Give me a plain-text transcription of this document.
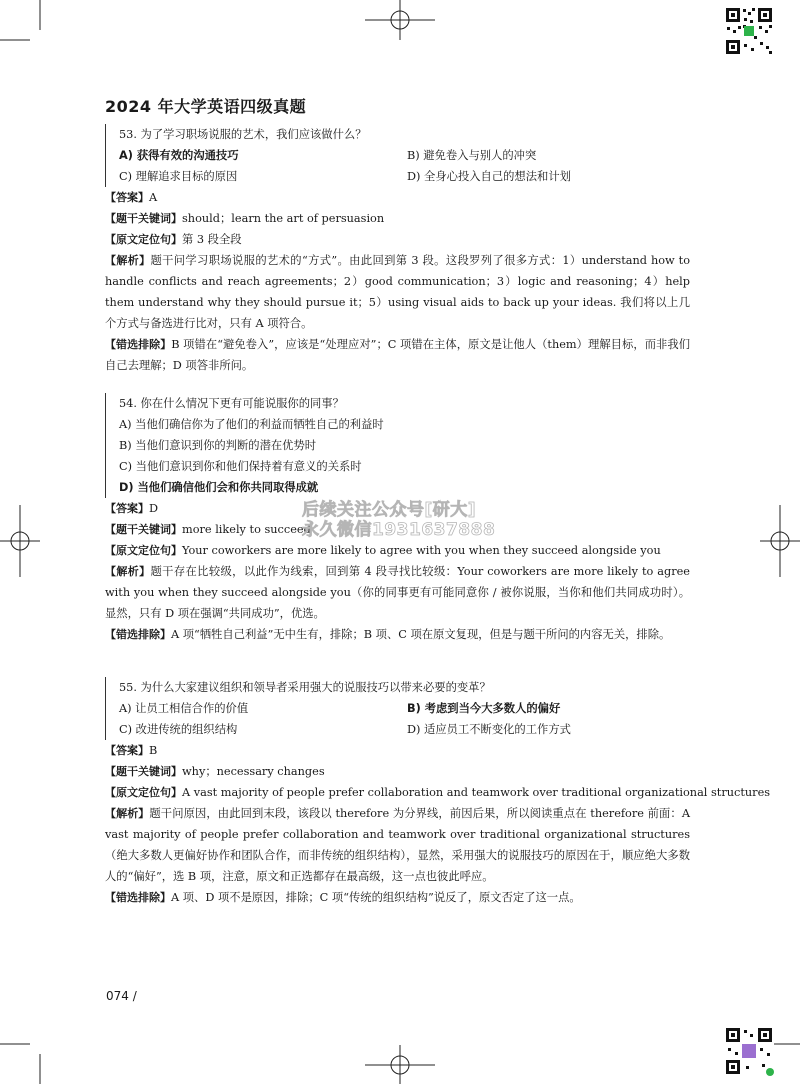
2024 年大学英语四级真题
53. 为了学习职场说服的艺术，我们应该做什么？
A) 获得有效的沟通技巧	B) 避免卷入与别人的冲突
C) 理解追求目标的原因	D) 全身心投入自己的想法和计划
【答案】A
【题干关键词】should；learn the art of persuasion
【原文定位句】第 3 段全段
【解析】题干问学习职场说服的艺术的“方式”。由此回到第 3 段。这段罗列了很多方式：1）understand how to handle conflicts and reach agreements；2）good communication；3）logic and reasoning；4）help them understand why they should pursue it；5）using visual aids to back up your ideas. 我们将以上几个方式与备选进行比对，只有 A 项符合。
【错选排除】B 项错在“避免卷入”，应该是“处理应对”；C 项错在主体，原文是让他人（them）理解目标，而非我们自己去理解；D 项答非所问。
54. 你在什么情况下更有可能说服你的同事？
A) 当他们确信你为了他们的利益而牺牲自己的利益时
B) 当他们意识到你的判断的潜在优势时
C) 当他们意识到你和他们保持着有意义的关系时
D) 当他们确信他们会和你共同取得成就
【答案】D
【题干关键词】more likely to succeed
【原文定位句】Your coworkers are more likely to agree with you when they succeed alongside you
【解析】题干存在比较级，以此作为线索，回到第 4 段寻找比较级：Your coworkers are more likely to agree with you when they succeed alongside you（你的同事更有可能同意你 / 被你说服，当你和他们共同成功时）。显然，只有 D 项在强调“共同成功”，优选。
【错选排除】A 项“牺牲自己利益”无中生有，排除；B 项、C 项在原文复现，但是与题干所问的内容无关，排除。
55. 为什么大家建议组织和领导者采用强大的说服技巧以带来必要的变革？
A) 让员工相信合作的价值	B) 考虑到当今大多数人的偏好
C) 改进传统的组织结构	D) 适应员工不断变化的工作方式
【答案】B
【题干关键词】why；necessary changes
【原文定位句】A vast majority of people prefer collaboration and teamwork over traditional organizational structures
【解析】题干问原因，由此回到末段，该段以 therefore 为分界线，前因后果，所以阅读重点在 therefore 前面：A vast majority of people prefer collaboration and teamwork over traditional organizational structures（绝大多数人更偏好协作和团队合作，而非传统的组织结构），显然，采用强大的说服技巧的原因在于，顺应绝大多数人的“偏好”，选 B 项，注意，原文和正选都存在最高级，这一点也彼此呼应。
【错选排除】A 项、D 项不是原因，排除；C 项“传统的组织结构”说反了，原文否定了这一点。
后续关注公众号[研大]
永久微信1931637888
074 /
